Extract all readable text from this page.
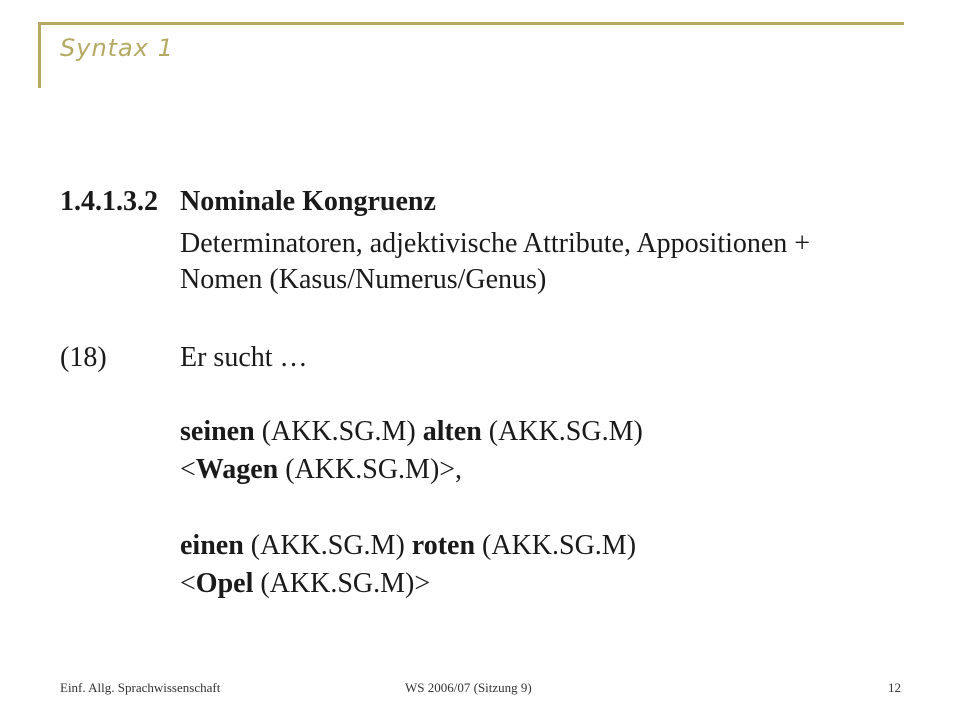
Syntax 1
1.4.1.3.2 Nominale Kongruenz
Determinatoren, adjektivische Attribute, Appositionen +
Nomen (Kasus/Numerus/Genus)
(18)	Er sucht …
seinen (AKK.SG.M) alten (AKK.SG.M)
<Wagen (AKK.SG.M)>,
einen (AKK.SG.M) roten (AKK.SG.M)
<Opel (AKK.SG.M)>
Einf. Allg. Sprachwissenschaft	WS 2006/07 (Sitzung 9)	12
